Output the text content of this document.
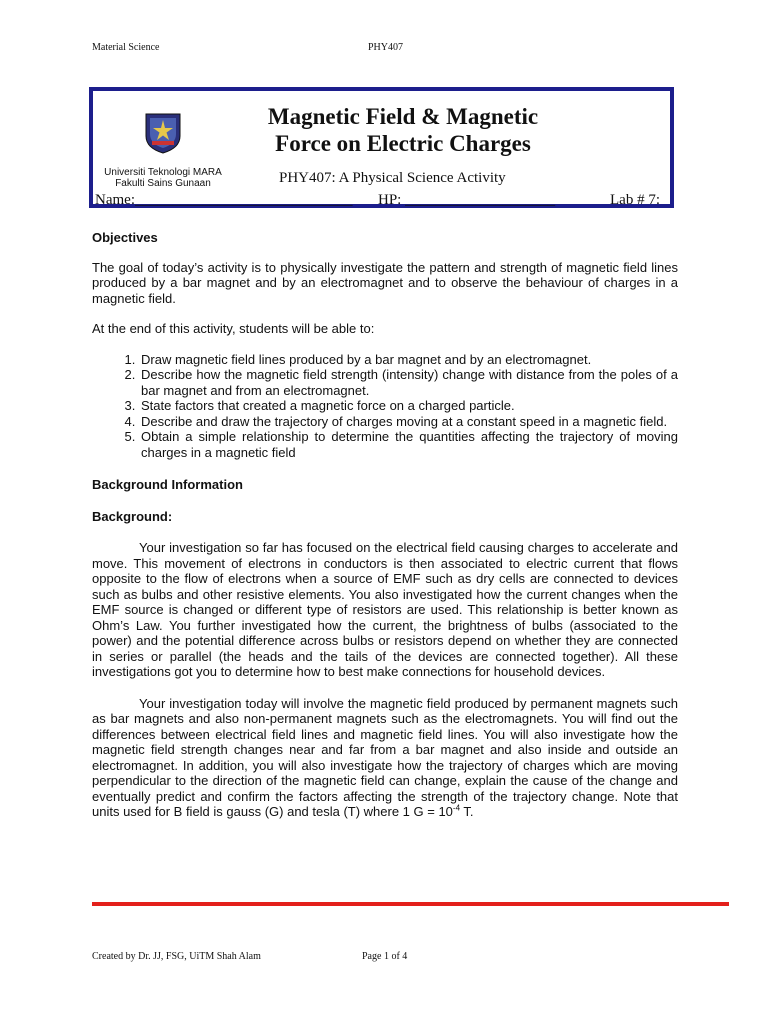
Material Science	PHY407
Universiti Teknologi MARA
Fakulti Sains Gunaan
Magnetic Field & Magnetic
Force on Electric Charges
PHY407: A Physical Science Activity
Name:_____________________________ HP: ____________________	Lab # 7:

Objectives

The goal of today’s activity is to physically investigate the pattern and strength of magnetic field lines produced by a bar magnet and by an electromagnet and to observe the behaviour of charges in a magnetic field.

At the end of this activity, students will be able to:

1. Draw magnetic field lines produced by a bar magnet and by an electromagnet.
2. Describe how the magnetic field strength (intensity) change with distance from the poles of a bar magnet and from an electromagnet.
3. State factors that created a magnetic force on a charged particle.
4. Describe and draw the trajectory of charges moving at a constant speed in a magnetic field.
5. Obtain a simple relationship to determine the quantities affecting the trajectory of moving charges in a magnetic field

Background Information

Background:

Your investigation so far has focused on the electrical field causing charges to accelerate and move. This movement of electrons in conductors is then associated to electric current that flows opposite to the flow of electrons when a source of EMF such as dry cells are connected to devices such as bulbs and other resistive elements. You also investigated how the current changes when the EMF source is changed or different type of resistors are used. This relationship is better known as Ohm’s Law. You further investigated how the current, the brightness of bulbs (associated to the power) and the potential difference across bulbs or resistors depend on whether they are connected in series or parallel (the heads and the tails of the devices are connected together). All these investigations got you to determine how to best make connections for household devices.

Your investigation today will involve the magnetic field produced by permanent magnets such as bar magnets and also non-permanent magnets such as the electromagnets. You will find out the differences between electrical field lines and magnetic field lines. You will also investigate how the magnetic field strength changes near and far from a bar magnet and also inside and outside an electromagnet. In addition, you will also investigate how the trajectory of charges which are moving perpendicular to the direction of the magnetic field can change, explain the cause of the change and eventually predict and confirm the factors affecting the strength of the trajectory change. Note that units used for B field is gauss (G) and tesla (T) where 1 $G = 10^{-4}$ T.

Created by Dr. JJ, FSG, UiTM Shah Alam	Page 1 of 4
